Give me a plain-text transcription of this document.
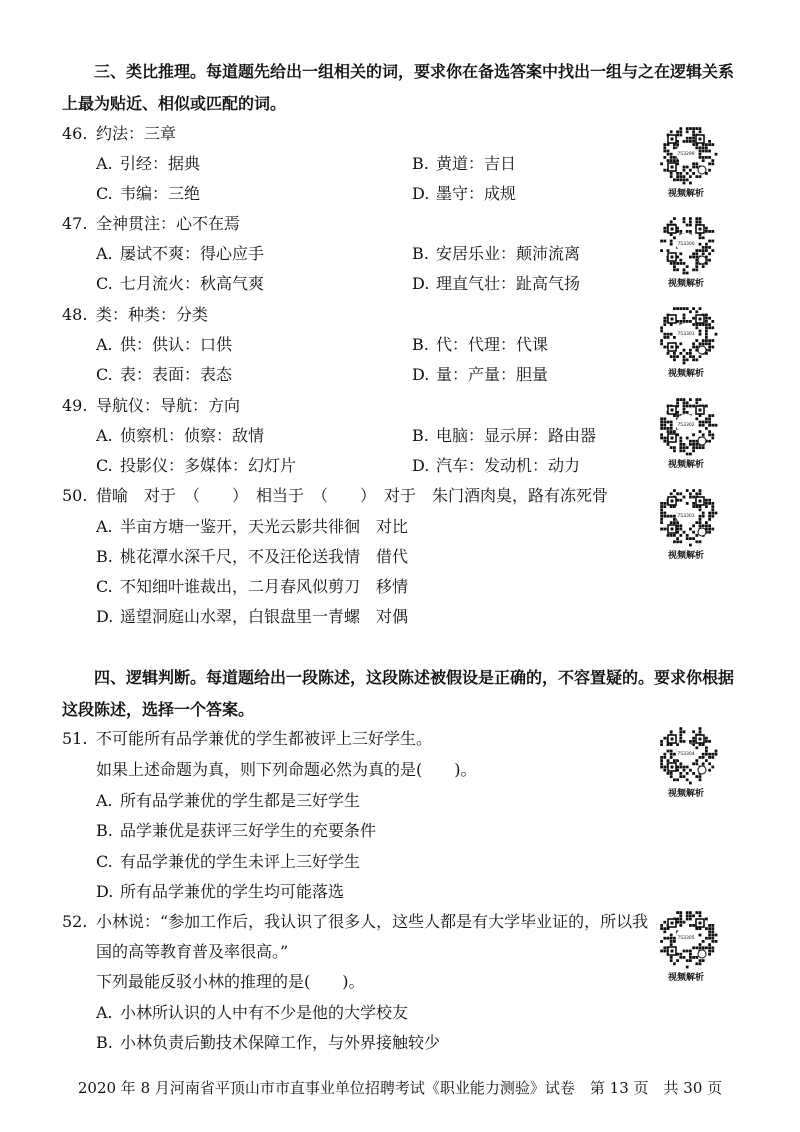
三、类比推理。每道题先给出一组相关的词，要求你在备选答案中找出一组与之在逻辑关系上最为贴近、相似或匹配的词。
46. 约法：三章
A. 引经：据典	B. 黄道：吉日
C. 韦编：三绝	D. 墨守：成规
47. 全神贯注：心不在焉
A. 屡试不爽：得心应手	B. 安居乐业：颠沛流离
C. 七月流火：秋高气爽	D. 理直气壮：趾高气扬
48. 类：种类：分类
A. 供：供认：口供	B. 代：代理：代课
C. 表：表面：表态	D. 量：产量：胆量
49. 导航仪：导航：方向
A. 侦察机：侦察：敌情	B. 电脑：显示屏：路由器
C. 投影仪：多媒体：幻灯片	D. 汽车：发动机：动力
50. 借喻　对于　（　　）　相当于　（　　）　对于　朱门酒肉臭，路有冻死骨
A. 半亩方塘一鉴开，天光云影共徘徊　对比
B. 桃花潭水深千尺，不及汪伦送我情　借代
C. 不知细叶谁裁出，二月春风似剪刀　移情
D. 遥望洞庭山水翠，白银盘里一青螺　对偶
四、逻辑判断。每道题给出一段陈述，这段陈述被假设是正确的，不容置疑的。要求你根据这段陈述，选择一个答案。
51. 不可能所有品学兼优的学生都被评上三好学生。
如果上述命题为真，则下列命题必然为真的是(　　)。
A. 所有品学兼优的学生都是三好学生
B. 品学兼优是获评三好学生的充要条件
C. 有品学兼优的学生未评上三好学生
D. 所有品学兼优的学生均可能落选
52. 小林说：“参加工作后，我认识了很多人，这些人都是有大学毕业证的，所以我
国的高等教育普及率很高。”
下列最能反驳小林的推理的是(　　)。
A. 小林所认识的人中有不少是他的大学校友
B. 小林负责后勤技术保障工作，与外界接触较少
753299
视频解析
753300
视频解析
753301
视频解析
753302
视频解析
753303
视频解析
753304
视频解析
753305
视频解析
2020 年 8 月河南省平顶山市市直事业单位招聘考试《职业能力测验》试卷　第 13 页　共 30 页
